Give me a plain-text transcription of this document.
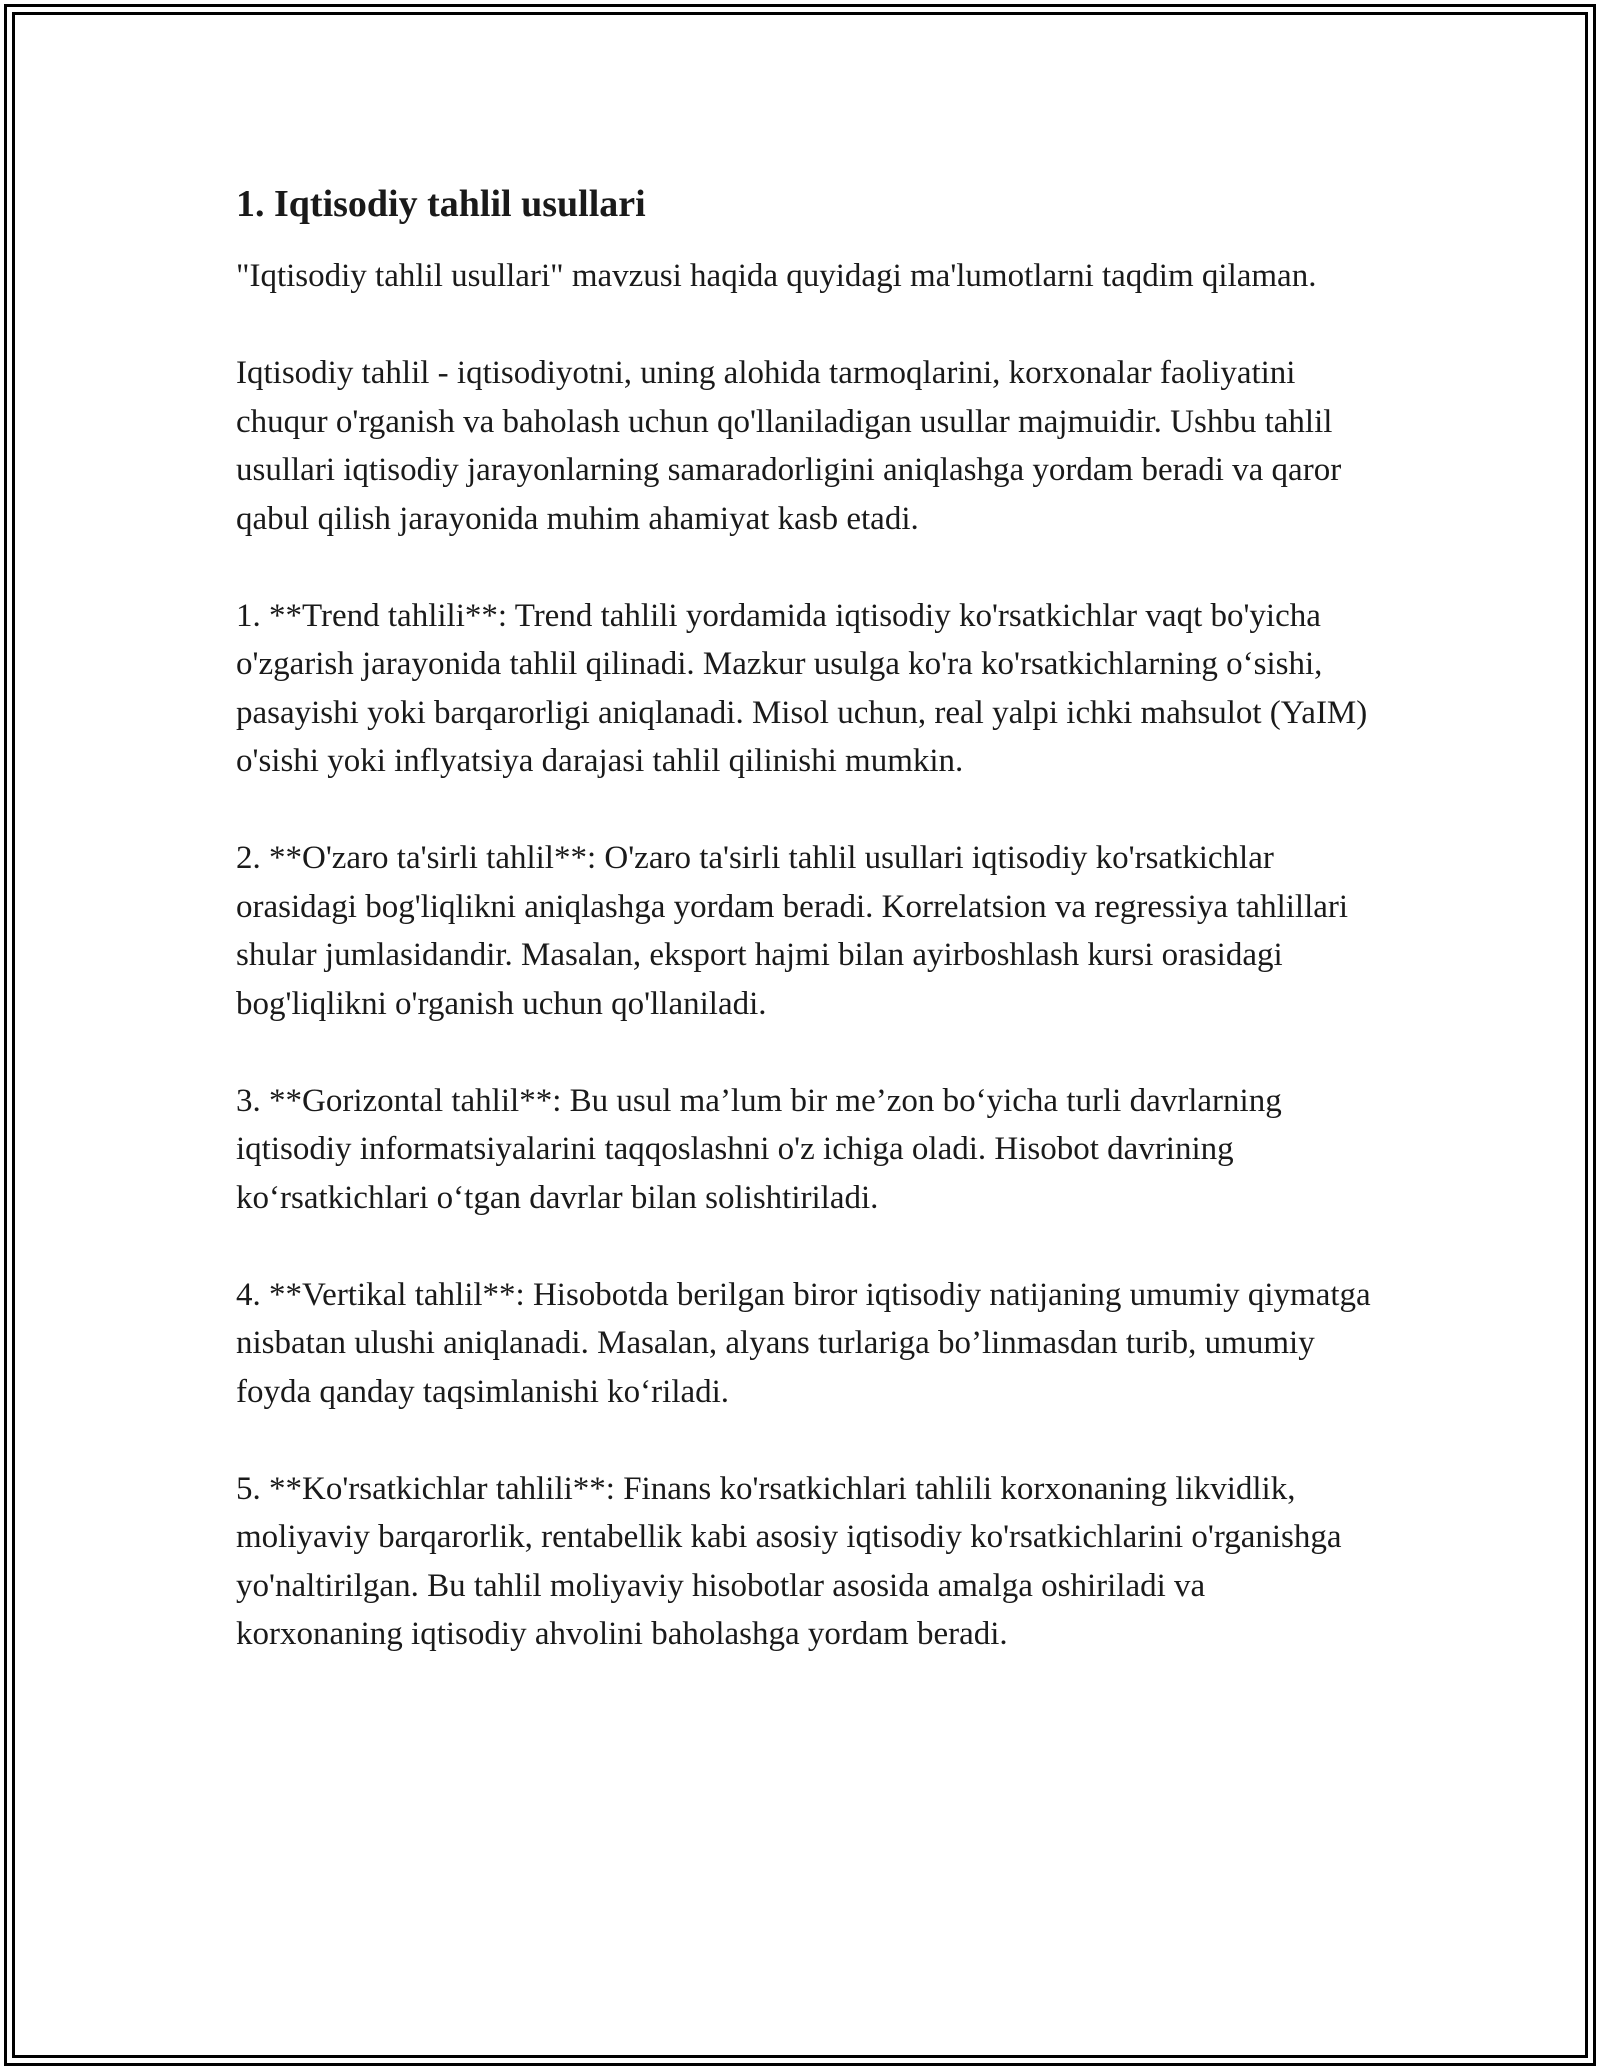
1. Iqtisodiy tahlil usullari

"Iqtisodiy tahlil usullari" mavzusi haqida quyidagi ma'lumotlarni taqdim qilaman.

Iqtisodiy tahlil - iqtisodiyotni, uning alohida tarmoqlarini, korxonalar faoliyatini chuqur o'rganish va baholash uchun qo'llaniladigan usullar majmuidir. Ushbu tahlil usullari iqtisodiy jarayonlarning samaradorligini aniqlashga yordam beradi va qaror qabul qilish jarayonida muhim ahamiyat kasb etadi.

1. **Trend tahlili**: Trend tahlili yordamida iqtisodiy ko'rsatkichlar vaqt bo'yicha o'zgarish jarayonida tahlil qilinadi. Mazkur usulga ko'ra ko'rsatkichlarning o‘sishi, pasayishi yoki barqarorligi aniqlanadi. Misol uchun, real yalpi ichki mahsulot (YaIM) o'sishi yoki inflyatsiya darajasi tahlil qilinishi mumkin.

2. **O'zaro ta'sirli tahlil**: O'zaro ta'sirli tahlil usullari iqtisodiy ko'rsatkichlar orasidagi bog'liqlikni aniqlashga yordam beradi. Korrelatsion va regressiya tahlillari shular jumlasidandir. Masalan, eksport hajmi bilan ayirboshlash kursi orasidagi bog'liqlikni o'rganish uchun qo'llaniladi.

3. **Gorizontal tahlil**: Bu usul ma’lum bir me’zon bo‘yicha turli davrlarning iqtisodiy informatsiyalarini taqqoslashni o'z ichiga oladi. Hisobot davrining ko‘rsatkichlari o‘tgan davrlar bilan solishtiriladi.

4. **Vertikal tahlil**: Hisobotda berilgan biror iqtisodiy natijaning umumiy qiymatga nisbatan ulushi aniqlanadi. Masalan, alyans turlariga bo’linmasdan turib, umumiy foyda qanday taqsimlanishi ko‘riladi.

5. **Ko'rsatkichlar tahlili**: Finans ko'rsatkichlari tahlili korxonaning likvidlik, moliyaviy barqarorlik, rentabellik kabi asosiy iqtisodiy ko'rsatkichlarini o'rganishga yo'naltirilgan. Bu tahlil moliyaviy hisobotlar asosida amalga oshiriladi va korxonaning iqtisodiy ahvolini baholashga yordam beradi.
